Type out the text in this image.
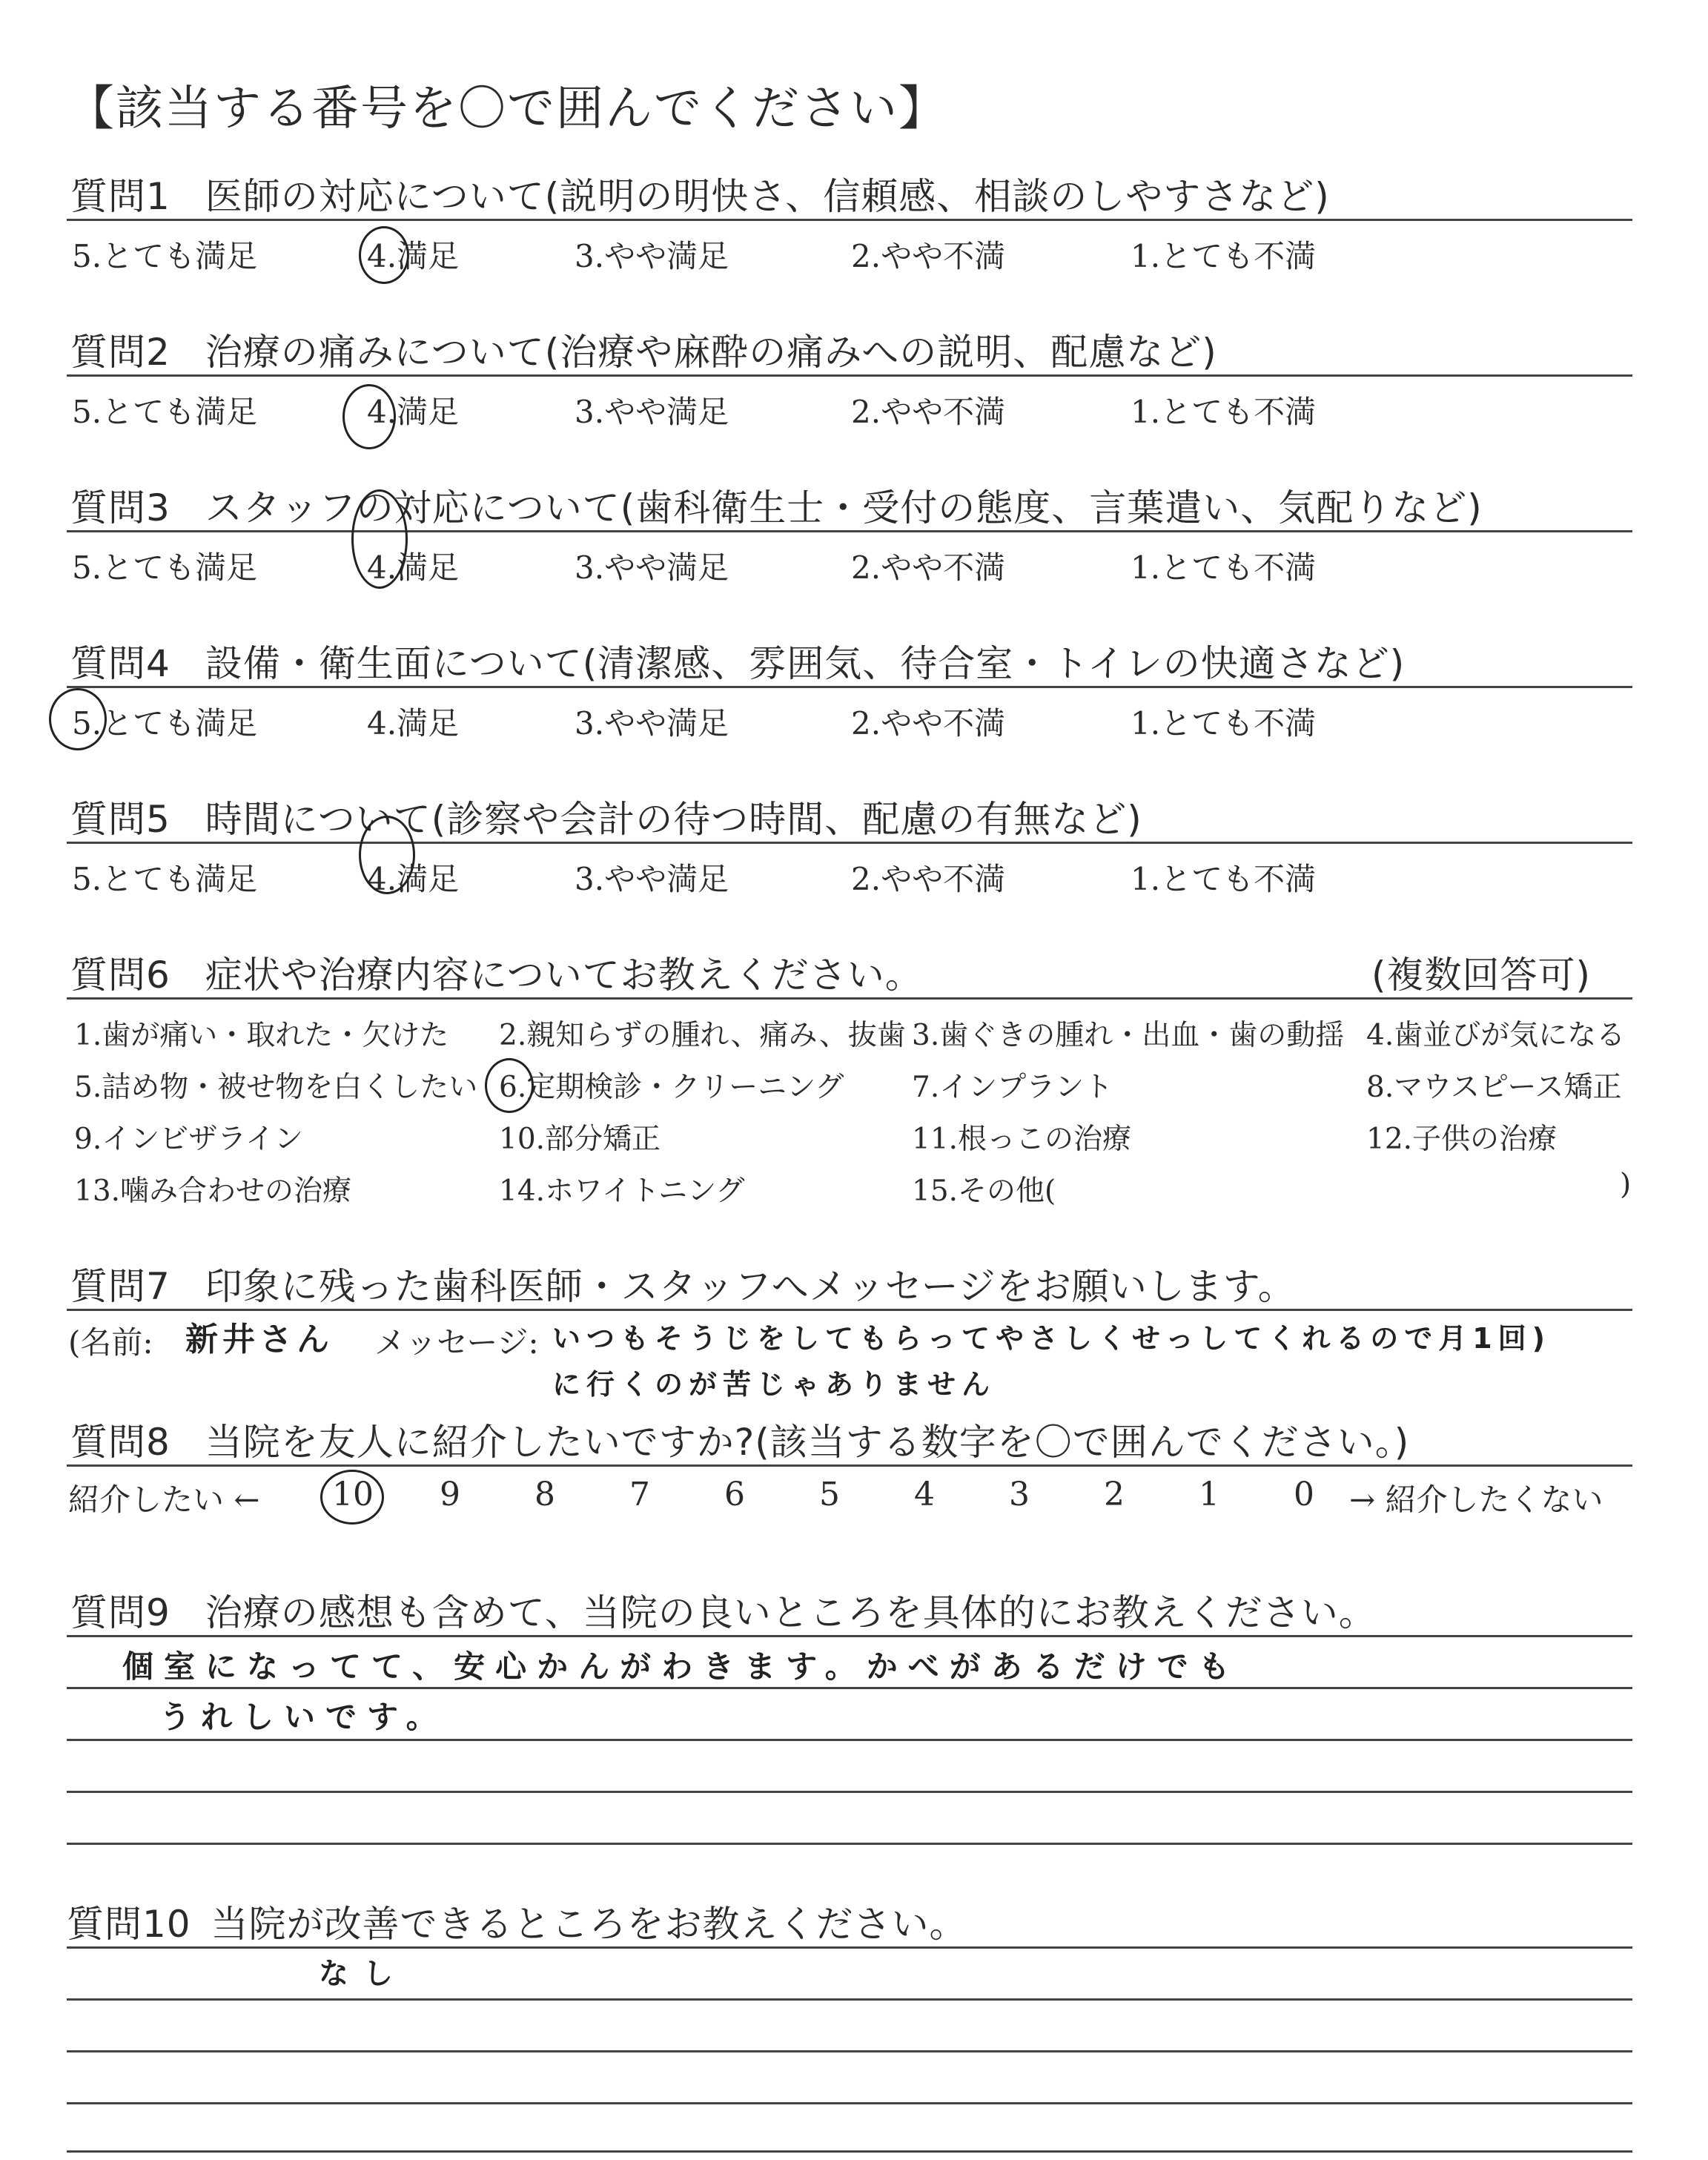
【該当する番号を〇で囲んでください】
質問1 医師の対応について(説明の明快さ、信頼感、相談のしやすさなど)
5.とても満足	4.満足	3.やや満足	2.やや不満	1.とても不満
質問2 治療の痛みについて(治療や麻酔の痛みへの説明、配慮など)
5.とても満足	4.満足	3.やや満足	2.やや不満	1.とても不満
質問3 スタッフの対応について(歯科衛生士・受付の態度、言葉遣い、気配りなど)
5.とても満足	4.満足	3.やや満足	2.やや不満	1.とても不満
質問4 設備・衛生面について(清潔感、雰囲気、待合室・トイレの快適さなど)
5.とても満足	4.満足	3.やや満足	2.やや不満	1.とても不満
質問5 時間について(診察や会計の待つ時間、配慮の有無など)
5.とても満足	4.満足	3.やや満足	2.やや不満	1.とても不満
質問6 症状や治療内容についてお教えください。	(複数回答可)
1.歯が痛い・取れた・欠けた 2.親知らずの腫れ、痛み、抜歯 3.歯ぐきの腫れ・出血・歯の動揺 4.歯並びが気になる
5.詰め物・被せ物を白くしたい 6.定期検診・クリーニング 7.インプラント	8.マウスピース矯正
9.インビザライン	10.部分矯正	11.根っこの治療	12.子供の治療
13.噛み合わせの治療	14.ホワイトニング	15.その他(	)
質問7 印象に残った歯科医師・スタッフへメッセージをお願いします。
(名前: 新井さん メッセージ: いつもそうじをしてもらってやさしくせっしてくれるので月1回)
に行くのが苦じゃありません
質問8 当院を友人に紹介したいですか?(該当する数字を〇で囲んでください。)
紹介したい ←	→ 紹介したくない
10 9 8 7 6 5 4 3 2 1 0
質問9 治療の感想も含めて、当院の良いところを具体的にお教えください。
個室になってて、安心かんがわきます。かべがあるだけでも
うれしいです。
質問10 当院が改善できるところをお教えください。
なし
